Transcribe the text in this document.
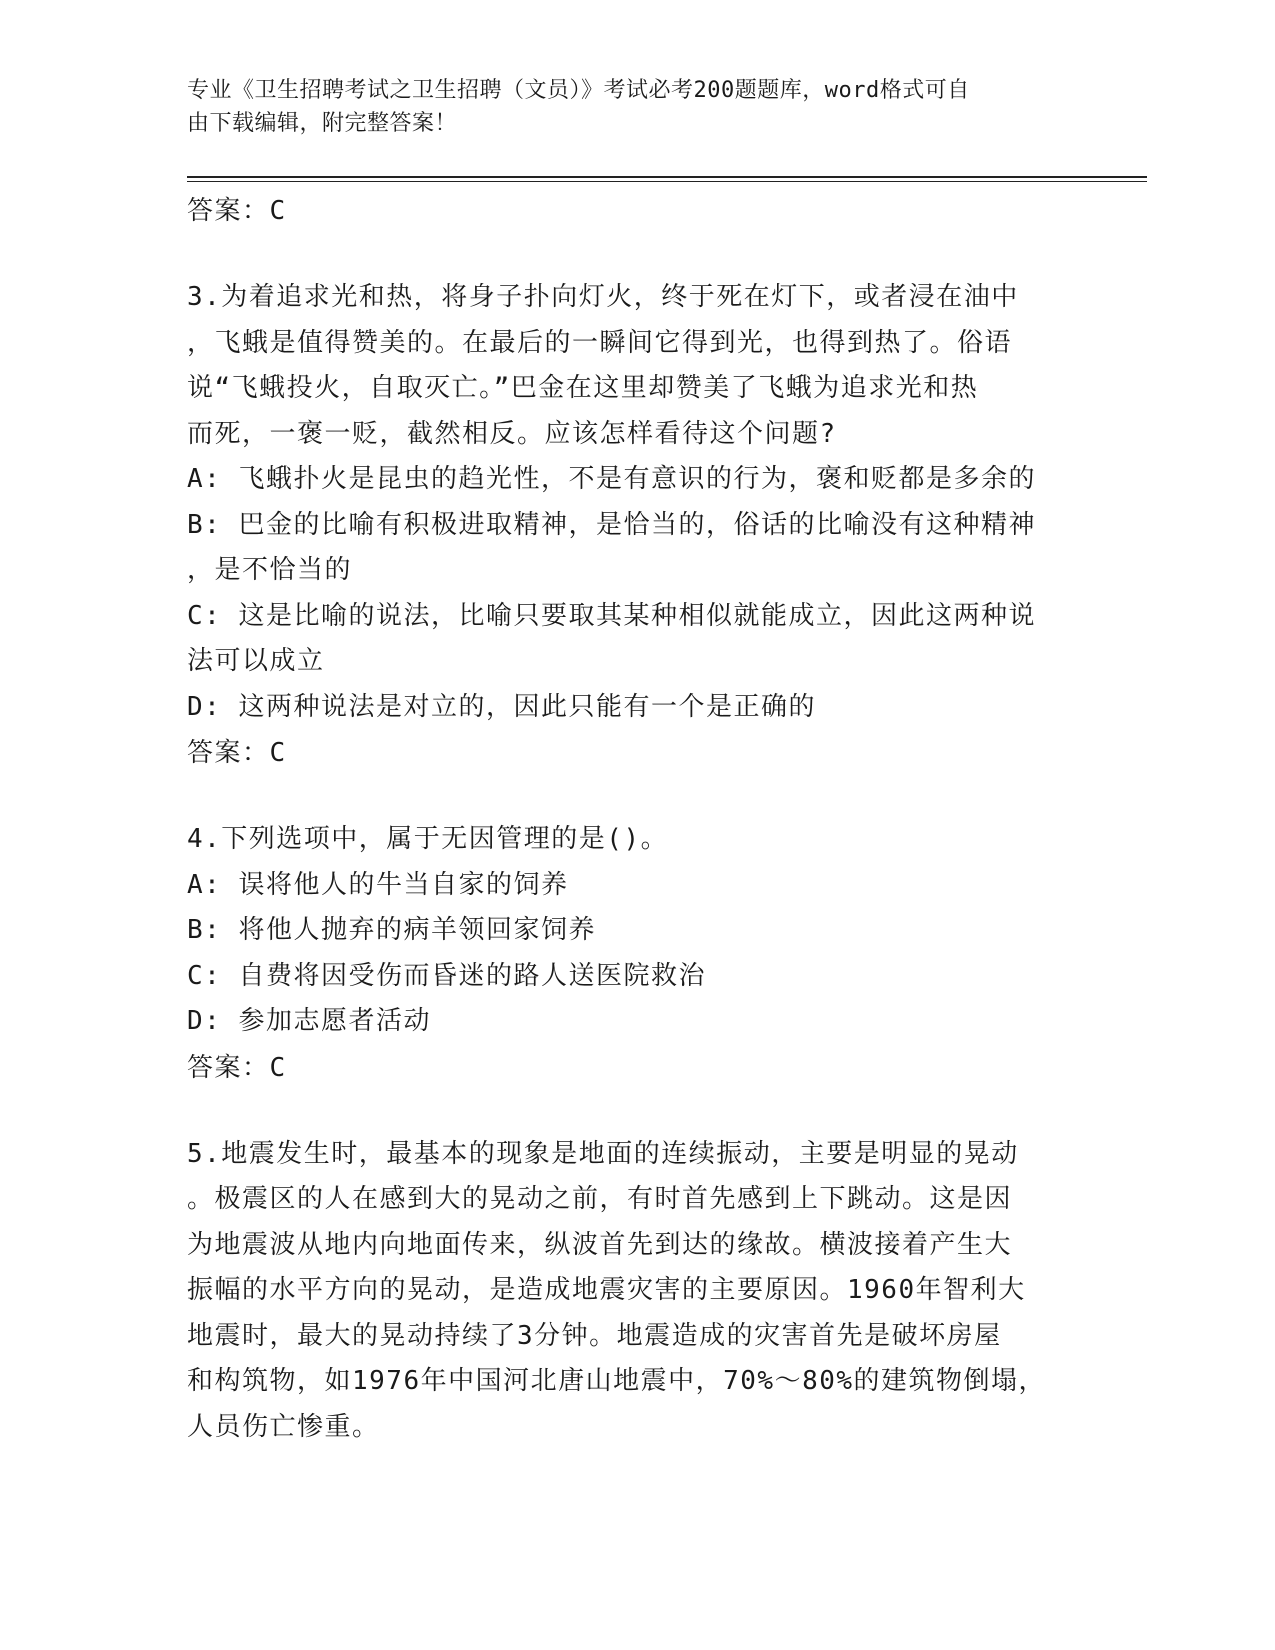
专业《卫生招聘考试之卫生招聘（文员）》考试必考200题题库，word格式可自
由下载编辑，附完整答案！
答案：C
3.为着追求光和热，将身子扑向灯火，终于死在灯下，或者浸在油中
，飞蛾是值得赞美的。在最后的一瞬间它得到光，也得到热了。俗语
说“飞蛾投火，自取灭亡。”巴金在这里却赞美了飞蛾为追求光和热
而死，一褒一贬，截然相反。应该怎样看待这个问题?
A: 飞蛾扑火是昆虫的趋光性，不是有意识的行为，褒和贬都是多余的
B: 巴金的比喻有积极进取精神，是恰当的，俗话的比喻没有这种精神
，是不恰当的
C: 这是比喻的说法，比喻只要取其某种相似就能成立，因此这两种说
法可以成立
D: 这两种说法是对立的，因此只能有一个是正确的
答案：C
4.下列选项中，属于无因管理的是()。
A: 误将他人的牛当自家的饲养
B: 将他人抛弃的病羊领回家饲养
C: 自费将因受伤而昏迷的路人送医院救治
D: 参加志愿者活动
答案：C
5.地震发生时，最基本的现象是地面的连续振动，主要是明显的晃动
。极震区的人在感到大的晃动之前，有时首先感到上下跳动。这是因
为地震波从地内向地面传来，纵波首先到达的缘故。横波接着产生大
振幅的水平方向的晃动，是造成地震灾害的主要原因。1960年智利大
地震时，最大的晃动持续了3分钟。地震造成的灾害首先是破坏房屋
和构筑物，如1976年中国河北唐山地震中，70%～80%的建筑物倒塌，
人员伤亡惨重。
